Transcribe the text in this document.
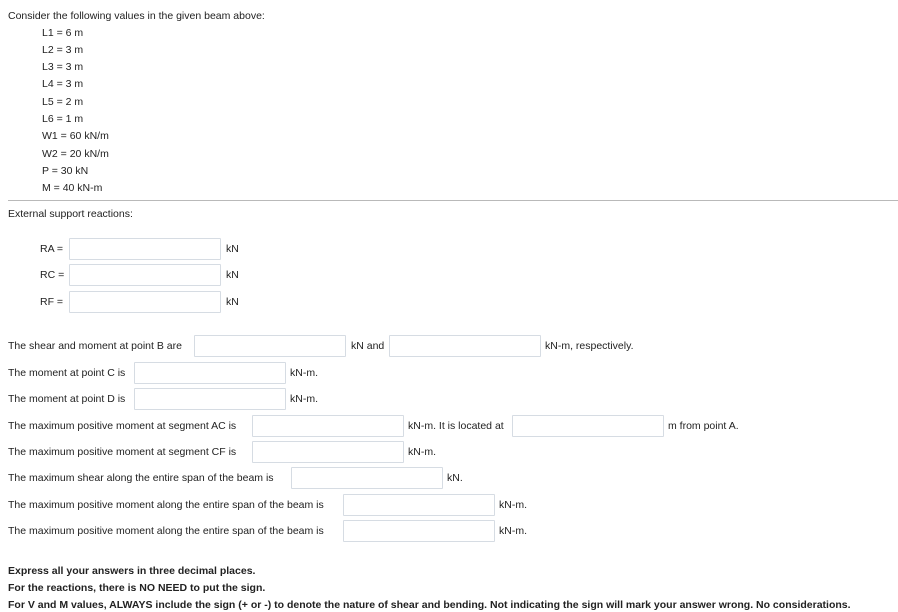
Consider the following values in the given beam above:
L1 = 6 m
L2 = 3 m
L3 = 3 m
L4 = 3 m
L5 = 2 m
L6 = 1 m
W1 = 60 kN/m
W2 = 20 kN/m
P = 30 kN
M = 40 kN-m
External support reactions:
RA =	kN
RC =	kN
RF =	kN
The shear and moment at point B are	kN and	kN-m, respectively.
The moment at point C is	kN-m.
The moment at point D is	kN-m.
The maximum positive moment at segment AC is	kN-m. It is located at	m from point A.
The maximum positive moment at segment CF is	kN-m.
The maximum shear along the entire span of the beam is	kN.
The maximum positive moment along the entire span of the beam is	kN-m.
The maximum positive moment along the entire span of the beam is	kN-m.
Express all your answers in three decimal places.
For the reactions, there is NO NEED to put the sign.
For V and M values, ALWAYS include the sign (+ or -) to denote the nature of shear and bending. Not indicating the sign will mark your answer wrong. No considerations.
